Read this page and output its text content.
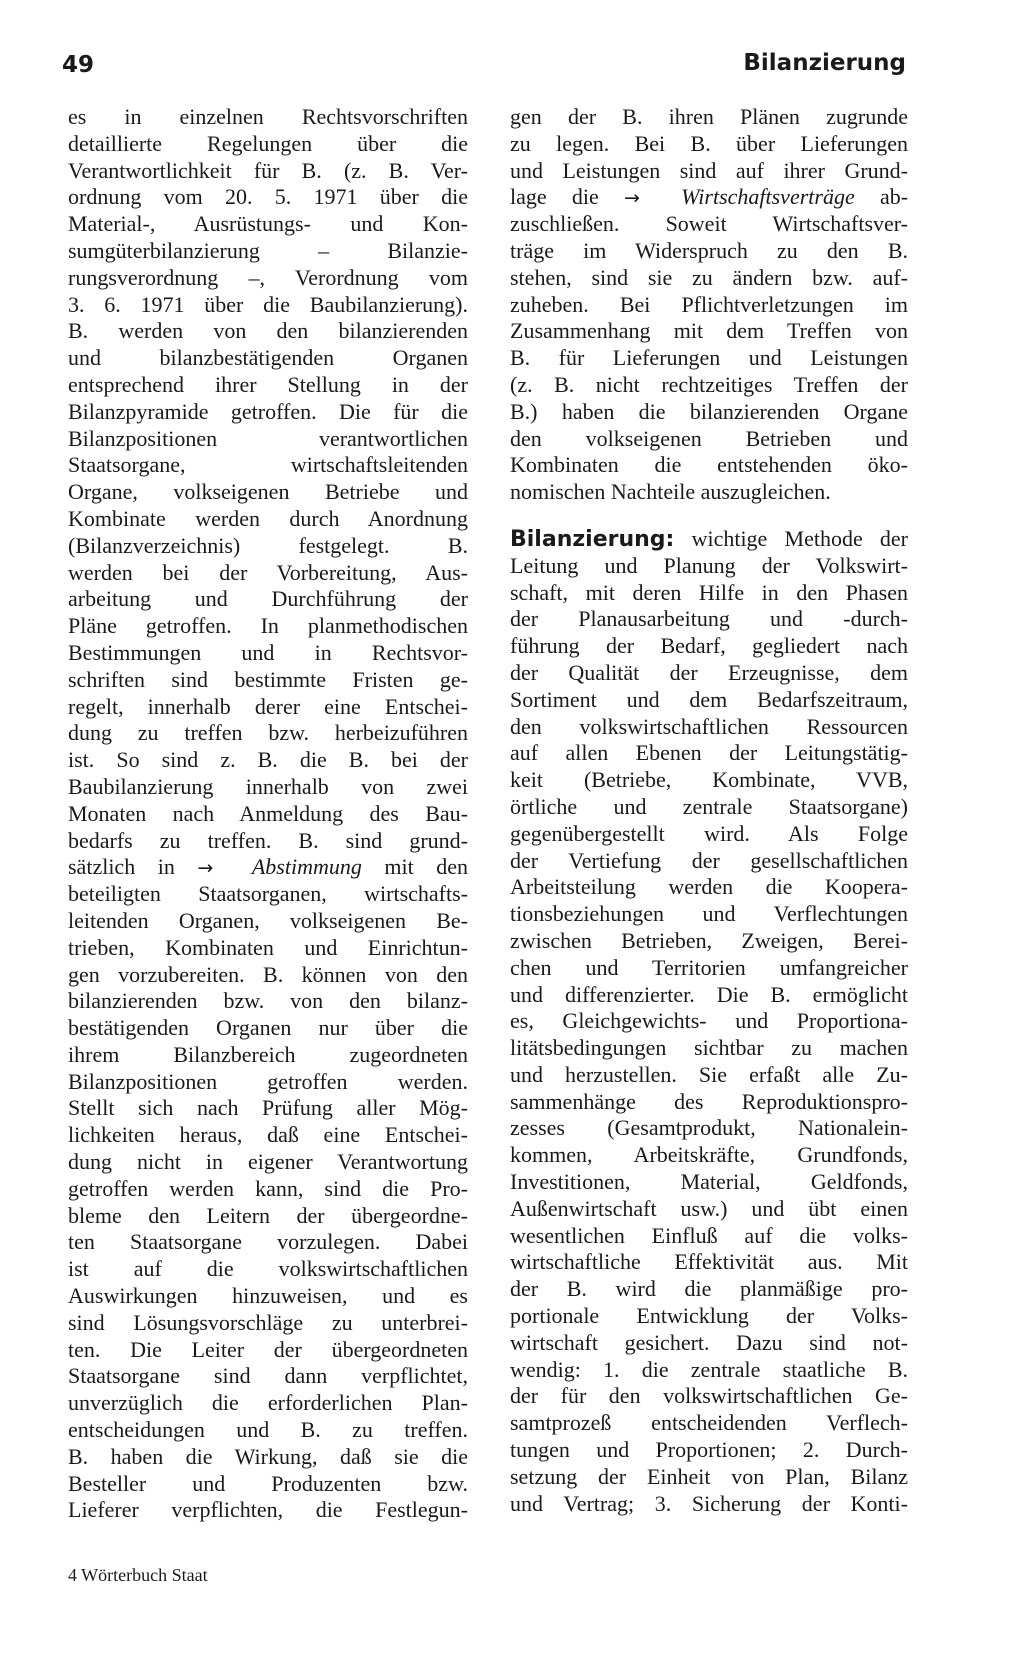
49	Bilanzierung
es in einzelnen Rechtsvorschriften
detaillierte Regelungen über die
Verantwortlichkeit für B. (z. B. Ver-
ordnung vom 20. 5. 1971 über die
Material-, Ausrüstungs- und Kon-
sumgüterbilanzierung – Bilanzie-
rungsverordnung –, Verordnung vom
3. 6. 1971 über die Baubilanzierung).
B. werden von den bilanzierenden
und bilanzbestätigenden Organen
entsprechend ihrer Stellung in der
Bilanzpyramide getroffen. Die für die
Bilanzpositionen verantwortlichen
Staatsorgane, wirtschaftsleitenden
Organe, volkseigenen Betriebe und
Kombinate werden durch Anordnung
(Bilanzverzeichnis) festgelegt. B.
werden bei der Vorbereitung, Aus-
arbeitung und Durchführung der
Pläne getroffen. In planmethodischen
Bestimmungen und in Rechtsvor-
schriften sind bestimmte Fristen ge-
regelt, innerhalb derer eine Entschei-
dung zu treffen bzw. herbeizuführen
ist. So sind z. B. die B. bei der
Baubilanzierung innerhalb von zwei
Monaten nach Anmeldung des Bau-
bedarfs zu treffen. B. sind grund-
sätzlich in → Abstimmung mit den
beteiligten Staatsorganen, wirtschafts-
leitenden Organen, volkseigenen Be-
trieben, Kombinaten und Einrichtun-
gen vorzubereiten. B. können von den
bilanzierenden bzw. von den bilanz-
bestätigenden Organen nur über die
ihrem Bilanzbereich zugeordneten
Bilanzpositionen getroffen werden.
Stellt sich nach Prüfung aller Mög-
lichkeiten heraus, daß eine Entschei-
dung nicht in eigener Verantwortung
getroffen werden kann, sind die Pro-
bleme den Leitern der übergeordne-
ten Staatsorgane vorzulegen. Dabei
ist auf die volkswirtschaftlichen
Auswirkungen hinzuweisen, und es
sind Lösungsvorschläge zu unterbrei-
ten. Die Leiter der übergeordneten
Staatsorgane sind dann verpflichtet,
unverzüglich die erforderlichen Plan-
entscheidungen und B. zu treffen.
B. haben die Wirkung, daß sie die
Besteller und Produzenten bzw.
Lieferer verpflichten, die Festlegun-
gen der B. ihren Plänen zugrunde
zu legen. Bei B. über Lieferungen
und Leistungen sind auf ihrer Grund-
lage die → Wirtschaftsverträge ab-
zuschließen. Soweit Wirtschaftsver-
träge im Widerspruch zu den B.
stehen, sind sie zu ändern bzw. auf-
zuheben. Bei Pflichtverletzungen im
Zusammenhang mit dem Treffen von
B. für Lieferungen und Leistungen
(z. B. nicht rechtzeitiges Treffen der
B.) haben die bilanzierenden Organe
den volkseigenen Betrieben und
Kombinaten die entstehenden öko-
nomischen Nachteile auszugleichen.
Bilanzierung: wichtige Methode der
Leitung und Planung der Volkswirt-
schaft, mit deren Hilfe in den Phasen
der Planausarbeitung und -durch-
führung der Bedarf, gegliedert nach
der Qualität der Erzeugnisse, dem
Sortiment und dem Bedarfszeitraum,
den volkswirtschaftlichen Ressourcen
auf allen Ebenen der Leitungstätig-
keit (Betriebe, Kombinate, VVB,
örtliche und zentrale Staatsorgane)
gegenübergestellt wird. Als Folge
der Vertiefung der gesellschaftlichen
Arbeitsteilung werden die Koopera-
tionsbeziehungen und Verflechtungen
zwischen Betrieben, Zweigen, Berei-
chen und Territorien umfangreicher
und differenzierter. Die B. ermöglicht
es, Gleichgewichts- und Proportiona-
litätsbedingungen sichtbar zu machen
und herzustellen. Sie erfaßt alle Zu-
sammenhänge des Reproduktionspro-
zesses (Gesamtprodukt, Nationalein-
kommen, Arbeitskräfte, Grundfonds,
Investitionen, Material, Geldfonds,
Außenwirtschaft usw.) und übt einen
wesentlichen Einfluß auf die volks-
wirtschaftliche Effektivität aus. Mit
der B. wird die planmäßige pro-
portionale Entwicklung der Volks-
wirtschaft gesichert. Dazu sind not-
wendig: 1. die zentrale staatliche B.
der für den volkswirtschaftlichen Ge-
samtprozeß entscheidenden Verflech-
tungen und Proportionen; 2. Durch-
setzung der Einheit von Plan, Bilanz
und Vertrag; 3. Sicherung der Konti-
4 Wörterbuch Staat
